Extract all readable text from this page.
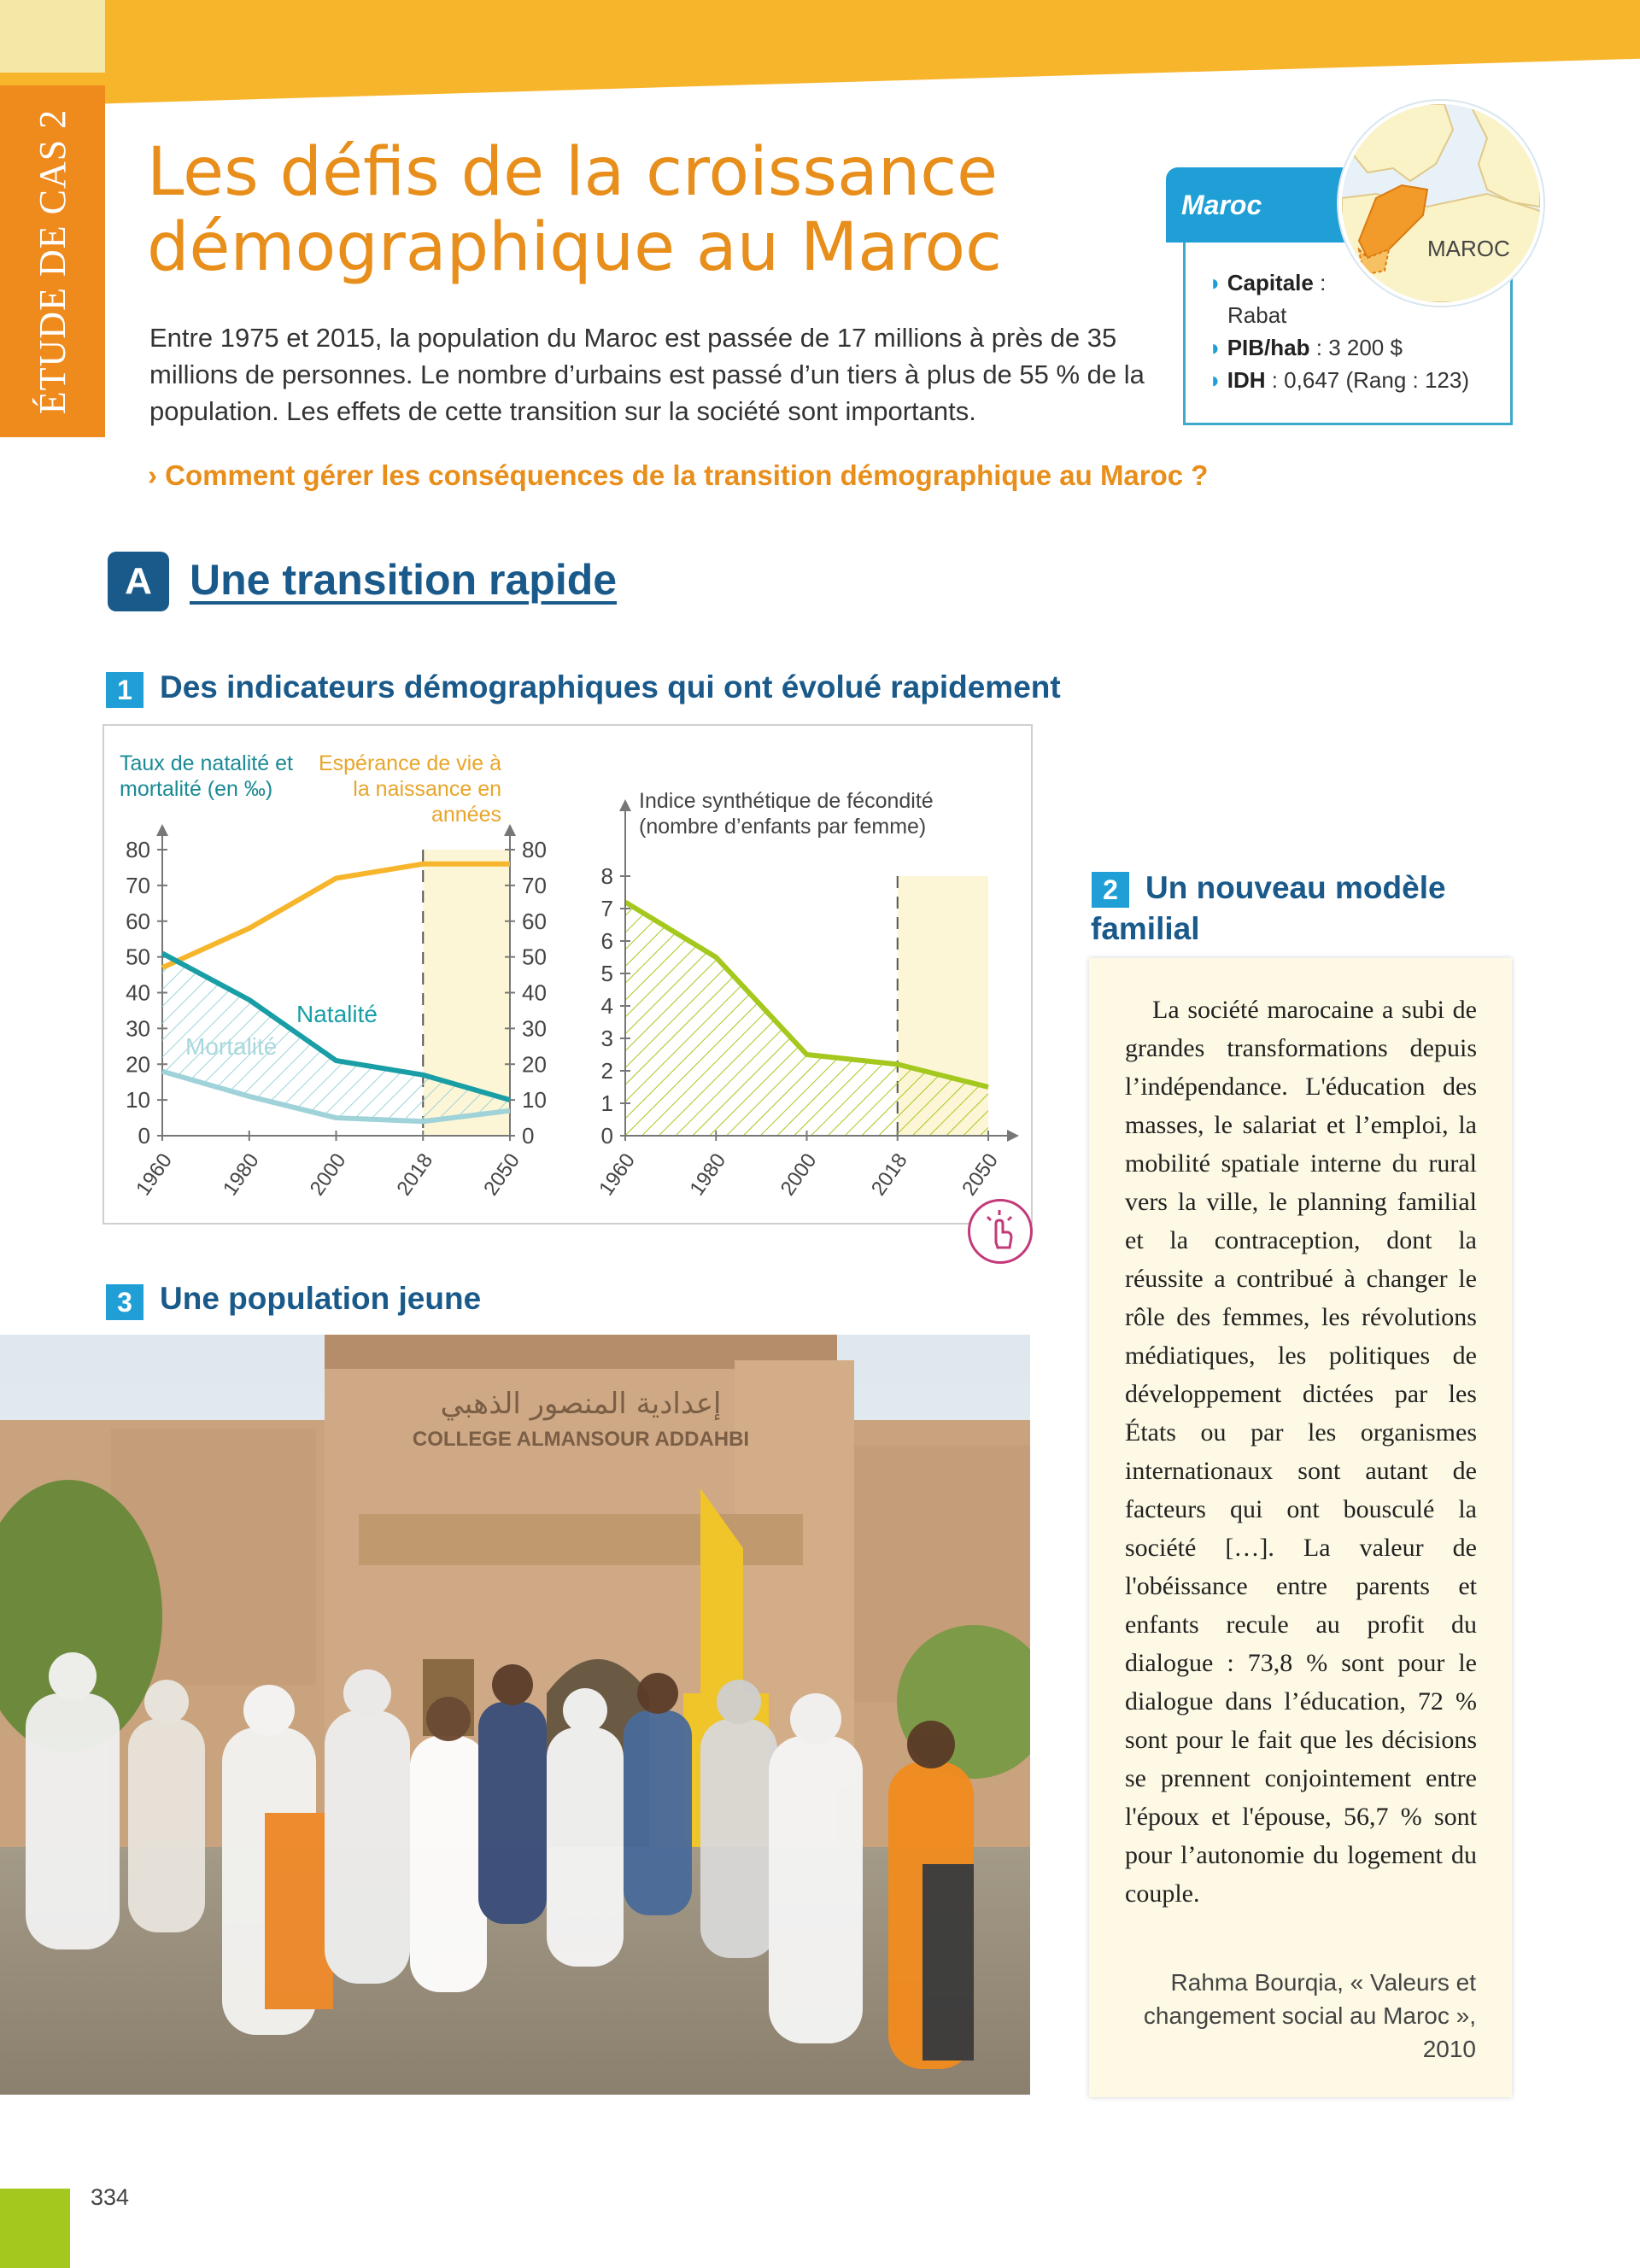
ÉTUDE DE CAS 2 Les défis de la croissance démographique au Maroc

Entre 1975 et 2015, la population du Maroc est passée de 17 millions à près de 35 millions de personnes. Le nombre d’urbains est passé d’un tiers à plus de 55 % de la population. Les effets de cette transition sur la société sont importants.

› Comment gérer les conséquences de la transition démographique au Maroc ?
Maroc
MAROC
◗ Capitale :
Rabat
◗ PIB/hab : 3 200 $
◗ IDH : 0,647 (Rang : 123)
A Une transition rapide
1 Des indicateurs démographiques qui ont évolué rapidement
0	0
10	10
20	20
30	30
40	40
50	50
60	60
70	70
80	80
1960 1980 2000 2018 2050
Natalité
Mortalité
Taux de natalité et
mortalité (en ‰)
Espérance de vie à
la naissance en
années
0
1
2
3
4
5
6
7
8
1960 1980 2000 2018 2050
Indice synthétique de fécondité
(nombre d’enfants par femme)
2 Un nouveau modèle familial
La société marocaine a subi de grandes transformations depuis l’indépendance. L'éducation des masses, le salariat et l’emploi, la mobilité spatiale interne du rural vers la ville, le planning familial et la contraception, dont la réussite a contribué à changer le rôle des femmes, les révolutions médiatiques, les politiques de développement dictées par les États ou par les organismes internationaux sont autant de facteurs qui ont bousculé la société […]. La valeur de l'obéissance entre parents et enfants recule au profit du dialogue : 73,8 % sont pour le dialogue dans l’éducation, 72 % sont pour le fait que les décisions se prennent conjointement entre l'époux et l'épouse, 56,7 % sont pour l’autonomie du logement du couple.
Rahma Bourqia, « Valeurs et changement social au Maroc », 2010
3 Une population jeune
إعدادية المنصور الذهبي
COLLEGE ALMANSOUR ADDAHBI
334
